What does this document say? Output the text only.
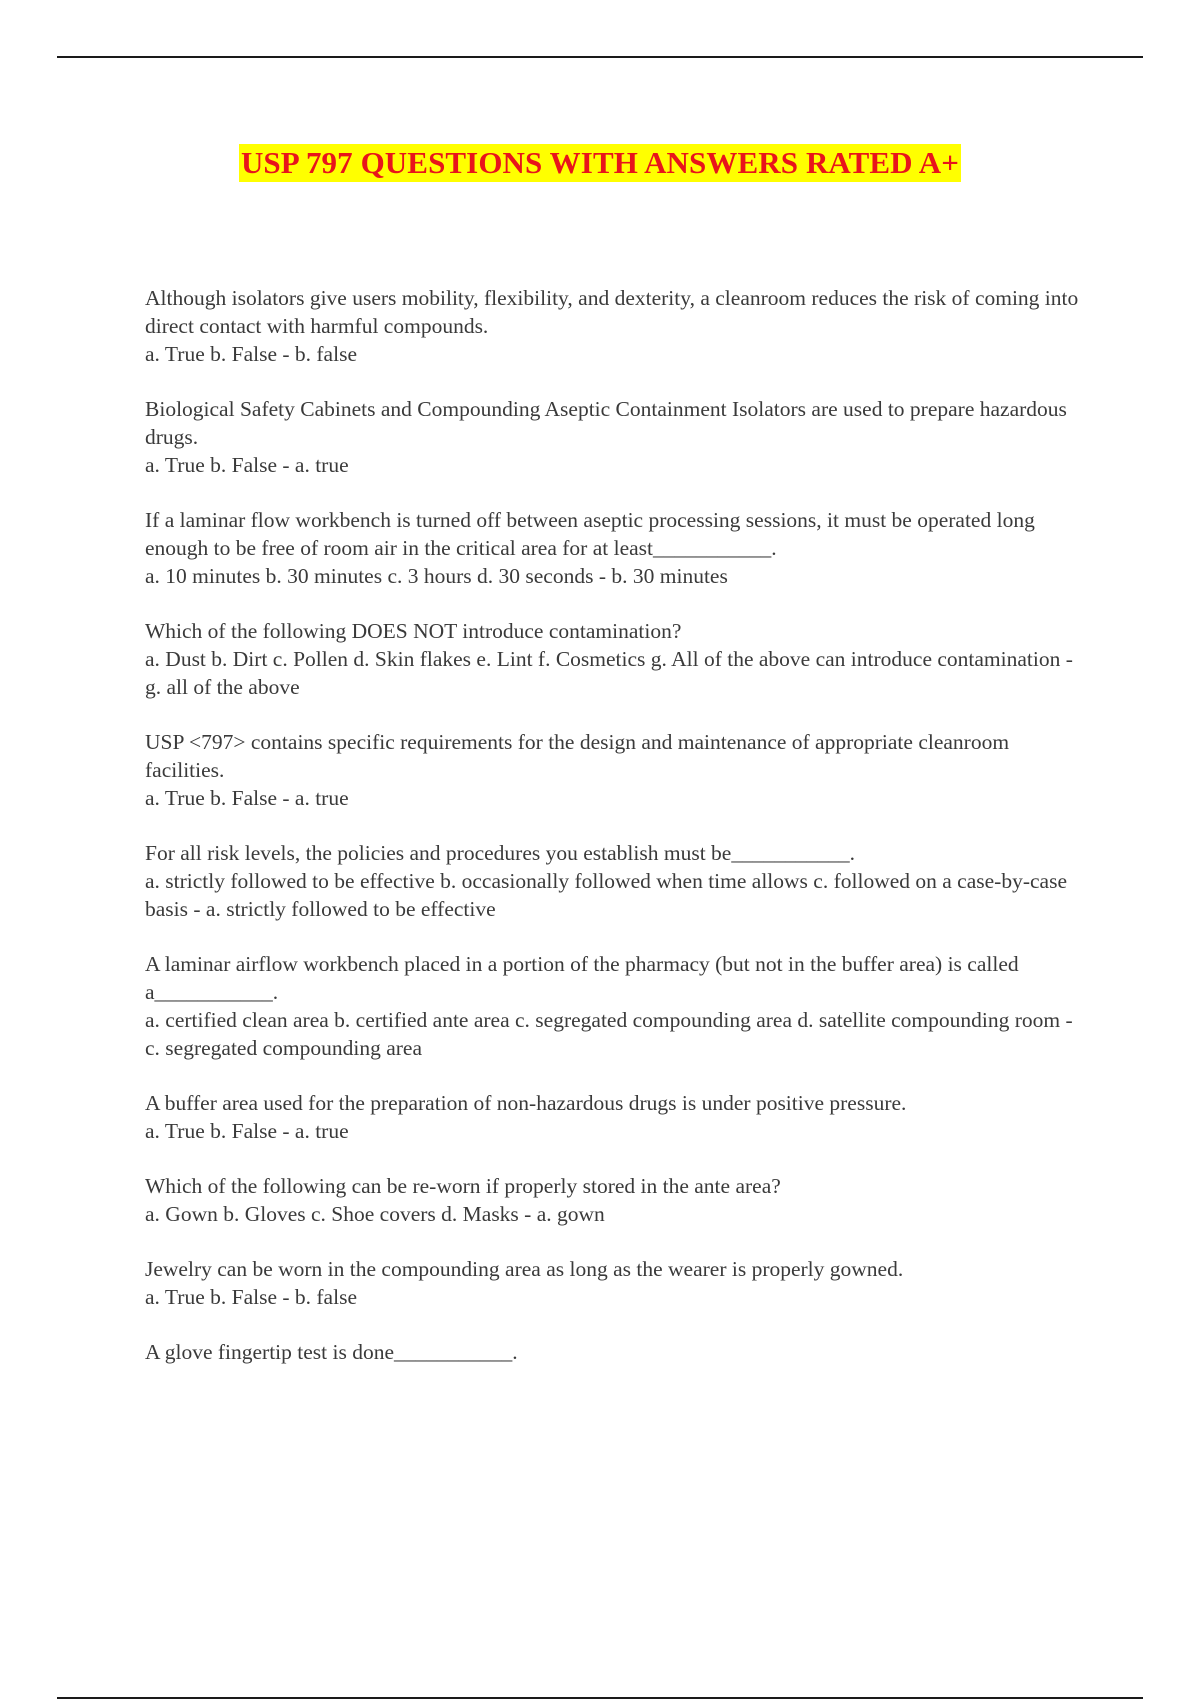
USP 797 QUESTIONS WITH ANSWERS RATED A+
Although isolators give users mobility, flexibility, and dexterity, a cleanroom reduces the risk of coming into direct contact with harmful compounds.
a. True b. False - b. false
Biological Safety Cabinets and Compounding Aseptic Containment Isolators are used to prepare hazardous drugs.
a. True b. False - a. true
If a laminar flow workbench is turned off between aseptic processing sessions, it must be operated long enough to be free of room air in the critical area for at least___________.
a. 10 minutes b. 30 minutes c. 3 hours d. 30 seconds - b. 30 minutes
Which of the following DOES NOT introduce contamination?
a. Dust b. Dirt c. Pollen d. Skin flakes e. Lint f. Cosmetics g. All of the above can introduce contamination - g. all of the above
USP <797> contains specific requirements for the design and maintenance of appropriate cleanroom facilities.
a. True b. False - a. true
For all risk levels, the policies and procedures you establish must be___________.
a. strictly followed to be effective b. occasionally followed when time allows c. followed on a case-by-case basis - a. strictly followed to be effective
A laminar airflow workbench placed in a portion of the pharmacy (but not in the buffer area) is called a___________.
a. certified clean area b. certified ante area c. segregated compounding area d. satellite compounding room - c. segregated compounding area
A buffer area used for the preparation of non-hazardous drugs is under positive pressure.
a. True b. False - a. true
Which of the following can be re-worn if properly stored in the ante area?
a. Gown b. Gloves c. Shoe covers d. Masks - a. gown
Jewelry can be worn in the compounding area as long as the wearer is properly gowned.
a. True b. False - b. false
A glove fingertip test is done___________.
